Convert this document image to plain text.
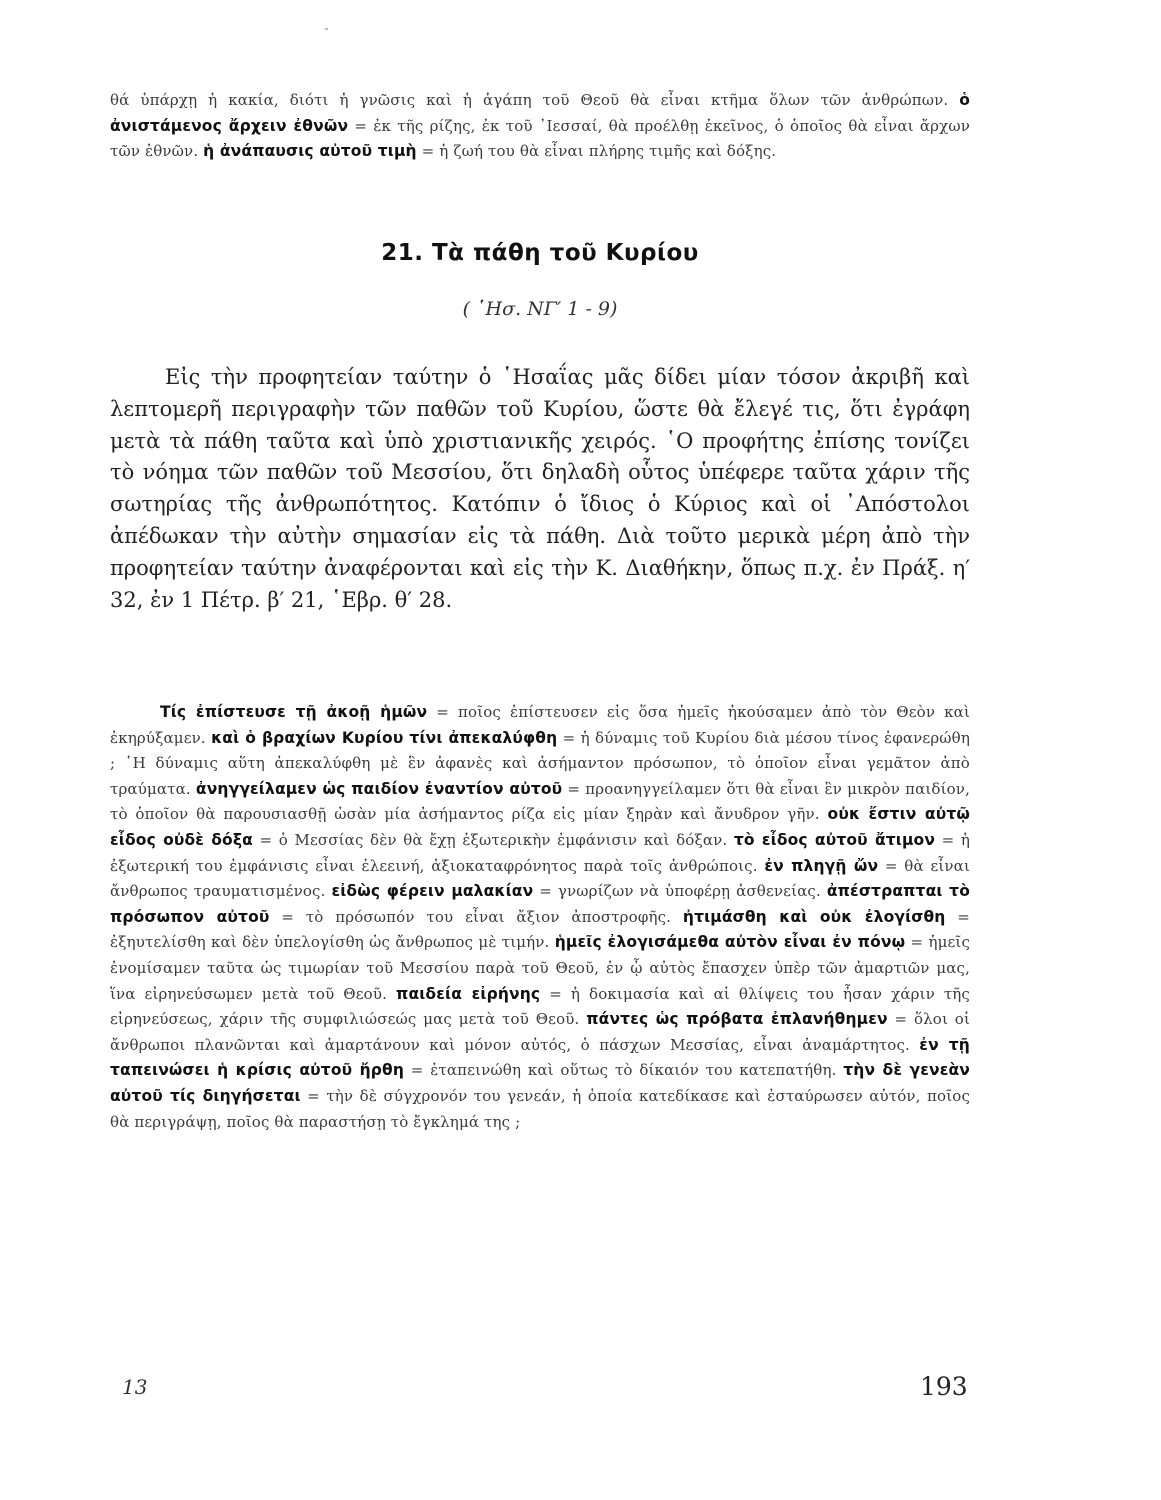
θά ὑπάρχῃ ἡ κακία, διότι ἡ γνῶσις καὶ ἡ ἀγάπη τοῦ Θεοῦ θὰ εἶναι κτῆμα ὅλων τῶν ἀνθρώπων. ὁ ἀνιστάμενος ἄρχειν ἐθνῶν = ἐκ τῆς ρίζης, ἐκ τοῦ ᾿Ιεσσαί, θὰ προέλθῃ ἐκεῖνος, ὁ ὁποῖος θὰ εἶναι ἄρχων τῶν ἐθνῶν. ἡ ἀνάπαυσις αὐτοῦ τιμὴ = ἡ ζωή του θὰ εἶναι πλήρης τιμῆς καὶ δόξης.
21. Τὰ πάθη τοῦ Κυρίου
( ῾Ησ. ΝΓ′ 1 - 9)
Εἰς τὴν προφητείαν ταύτην ὁ ῾Ησαΐας μᾶς δίδει μίαν τόσον ἀκριβῆ καὶ λεπτομερῆ περιγραφὴν τῶν παθῶν τοῦ Κυρίου, ὥστε θὰ ἔλεγέ τις, ὅτι ἐγράφη μετὰ τὰ πάθη ταῦτα καὶ ὑπὸ χριστιανικῆς χειρός. ῾Ο προφήτης ἐπίσης τονίζει τὸ νόημα τῶν παθῶν τοῦ Μεσσίου, ὅτι δηλαδὴ οὗτος ὑπέφερε ταῦτα χάριν τῆς σωτηρίας τῆς ἀνθρωπότητος. Κατόπιν ὁ ἴδιος ὁ Κύριος καὶ οἱ ᾿Απόστολοι ἀπέδωκαν τὴν αὐτὴν σημασίαν εἰς τὰ πάθη. Διὰ τοῦτο μερικὰ μέρη ἀπὸ τὴν προφητείαν ταύτην ἀναφέρονται καὶ εἰς τὴν Κ. Διαθήκην, ὅπως π.χ. ἐν Πράξ. η′ 32, ἐν 1 Πέτρ. β′ 21, ῾Εβρ. θ′ 28.
Τίς ἐπίστευσε τῇ ἀκοῇ ἡμῶν = ποῖος ἐπίστευσεν εἰς ὅσα ἡμεῖς ἠκούσαμεν ἀπὸ τὸν Θεὸν καὶ ἐκηρύξαμεν. καὶ ὁ βραχίων Κυρίου τίνι ἀπεκαλύφθη = ἡ δύναμις τοῦ Κυρίου διὰ μέσου τίνος ἐφανερώθη ; ῾Η δύναμις αὕτη ἀπεκαλύφθη μὲ ἓν ἀφανὲς καὶ ἀσήμαντον πρόσωπον, τὸ ὁποῖον εἶναι γεμᾶτον ἀπὸ τραύματα. ἀνηγγείλαμεν ὡς παιδίον ἐναντίον αὐτοῦ = προανηγγείλαμεν ὅτι θὰ εἶναι ἓν μικρὸν παιδίον, τὸ ὁποῖον θὰ παρουσιασθῇ ὡσὰν μία ἀσήμαντος ρίζα εἰς μίαν ξηρὰν καὶ ἄνυδρον γῆν. οὐκ ἔστιν αὐτῷ εἶδος οὐδὲ δόξα = ὁ Μεσσίας δὲν θὰ ἔχῃ ἐξωτερικὴν ἐμφάνισιν καὶ δόξαν. τὸ εἶδος αὐτοῦ ἄτιμον = ἡ ἐξωτερική του ἐμφάνισις εἶναι ἐλεεινή, ἀξιοκαταφρόνητος παρὰ τοῖς ἀνθρώποις. ἐν πληγῇ ὤν = θὰ εἶναι ἄνθρωπος τραυματισμένος. εἰδὼς φέρειν μαλακίαν = γνωρίζων νὰ ὑποφέρῃ ἀσθενείας. ἀπέστραπται τὸ πρόσωπον αὐτοῦ = τὸ πρόσωπόν του εἶναι ἄξιον ἀποστροφῆς. ἠτιμάσθη καὶ οὐκ ἐλογίσθη = ἐξηυτελίσθη καὶ δὲν ὑπελογίσθη ὡς ἄνθρωπος μὲ τιμήν. ἡμεῖς ἐλογισάμεθα αὐτὸν εἶναι ἐν πόνῳ = ἡμεῖς ἐνομίσαμεν ταῦτα ὡς τιμωρίαν τοῦ Μεσσίου παρὰ τοῦ Θεοῦ, ἐν ᾧ αὐτὸς ἔπασχεν ὑπὲρ τῶν ἁμαρτιῶν μας, ἵνα εἰρηνεύσωμεν μετὰ τοῦ Θεοῦ. παιδεία εἰρήνης = ἡ δοκιμασία καὶ αἱ θλίψεις του ἦσαν χάριν τῆς εἰρηνεύσεως, χάριν τῆς συμφιλιώσεώς μας μετὰ τοῦ Θεοῦ. πάντες ὡς πρόβατα ἐπλανήθημεν = ὅλοι οἱ ἄνθρωποι πλανῶνται καὶ ἁμαρτάνουν καὶ μόνον αὐτός, ὁ πάσχων Μεσσίας, εἶναι ἀναμάρτητος. ἐν τῇ ταπεινώσει ἡ κρίσις αὐτοῦ ἤρθη = ἐταπεινώθη καὶ οὕτως τὸ δίκαιόν του κατεπατήθη. τὴν δὲ γενεὰν αὐτοῦ τίς διηγήσεται = τὴν δὲ σύγχρονόν του γενεάν, ἡ ὁποία κατεδίκασε καὶ ἐσταύρωσεν αὐτόν, ποῖος θὰ περιγράψῃ, ποῖος θὰ παραστήσῃ τὸ ἔγκλημά της ;
13	193
